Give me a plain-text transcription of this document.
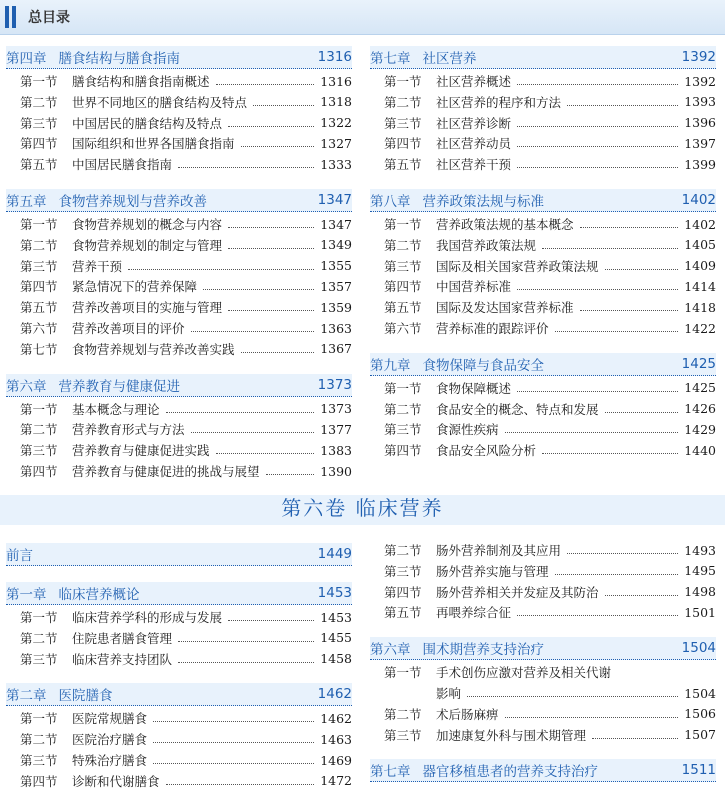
总目录
第六卷 临床营养
第四章 膳食结构与膳食指南	1316
第一节	膳食结构和膳食指南概述	1316
第二节	世界不同地区的膳食结构及特点	1318
第三节	中国居民的膳食结构及特点	1322
第四节	国际组织和世界各国膳食指南	1327
第五节	中国居民膳食指南	1333
第五章 食物营养规划与营养改善	1347
第一节	食物营养规划的概念与内容	1347
第二节	食物营养规划的制定与管理	1349
第三节	营养干预	1355
第四节	紧急情况下的营养保障	1357
第五节	营养改善项目的实施与管理	1359
第六节	营养改善项目的评价	1363
第七节	食物营养规划与营养改善实践	1367
第六章 营养教育与健康促进	1373
第一节	基本概念与理论	1373
第二节	营养教育形式与方法	1377
第三节	营养教育与健康促进实践	1383
第四节	营养教育与健康促进的挑战与展望	1390
前言	1449
第一章 临床营养概论	1453
第一节	临床营养学科的形成与发展	1453
第二节	住院患者膳食管理	1455
第三节	临床营养支持团队	1458
第二章 医院膳食	1462
第一节	医院常规膳食	1462
第二节	医院治疗膳食	1463
第三节	特殊治疗膳食	1469
第四节	诊断和代谢膳食	1472
第七章 社区营养	1392
第一节	社区营养概述	1392
第二节	社区营养的程序和方法	1393
第三节	社区营养诊断	1396
第四节	社区营养动员	1397
第五节	社区营养干预	1399
第八章 营养政策法规与标准	1402
第一节	营养政策法规的基本概念	1402
第二节	我国营养政策法规	1405
第三节	国际及相关国家营养政策法规	1409
第四节	中国营养标准	1414
第五节	国际及发达国家营养标准	1418
第六节	营养标准的跟踪评价	1422
第九章 食物保障与食品安全	1425
第一节	食物保障概述	1425
第二节	食品安全的概念、特点和发展	1426
第三节	食源性疾病	1429
第四节	食品安全风险分析	1440
第二节	肠外营养制剂及其应用	1493
第三节	肠外营养实施与管理	1495
第四节	肠外营养相关并发症及其防治	1498
第五节	再喂养综合征	1501
第六章 围术期营养支持治疗	1504
第一节	手术创伤应激对营养及相关代谢
影响	1504
第二节	术后肠麻痹	1506
第三节	加速康复外科与围术期管理	1507
第七章 器官移植患者的营养支持治疗	1511
